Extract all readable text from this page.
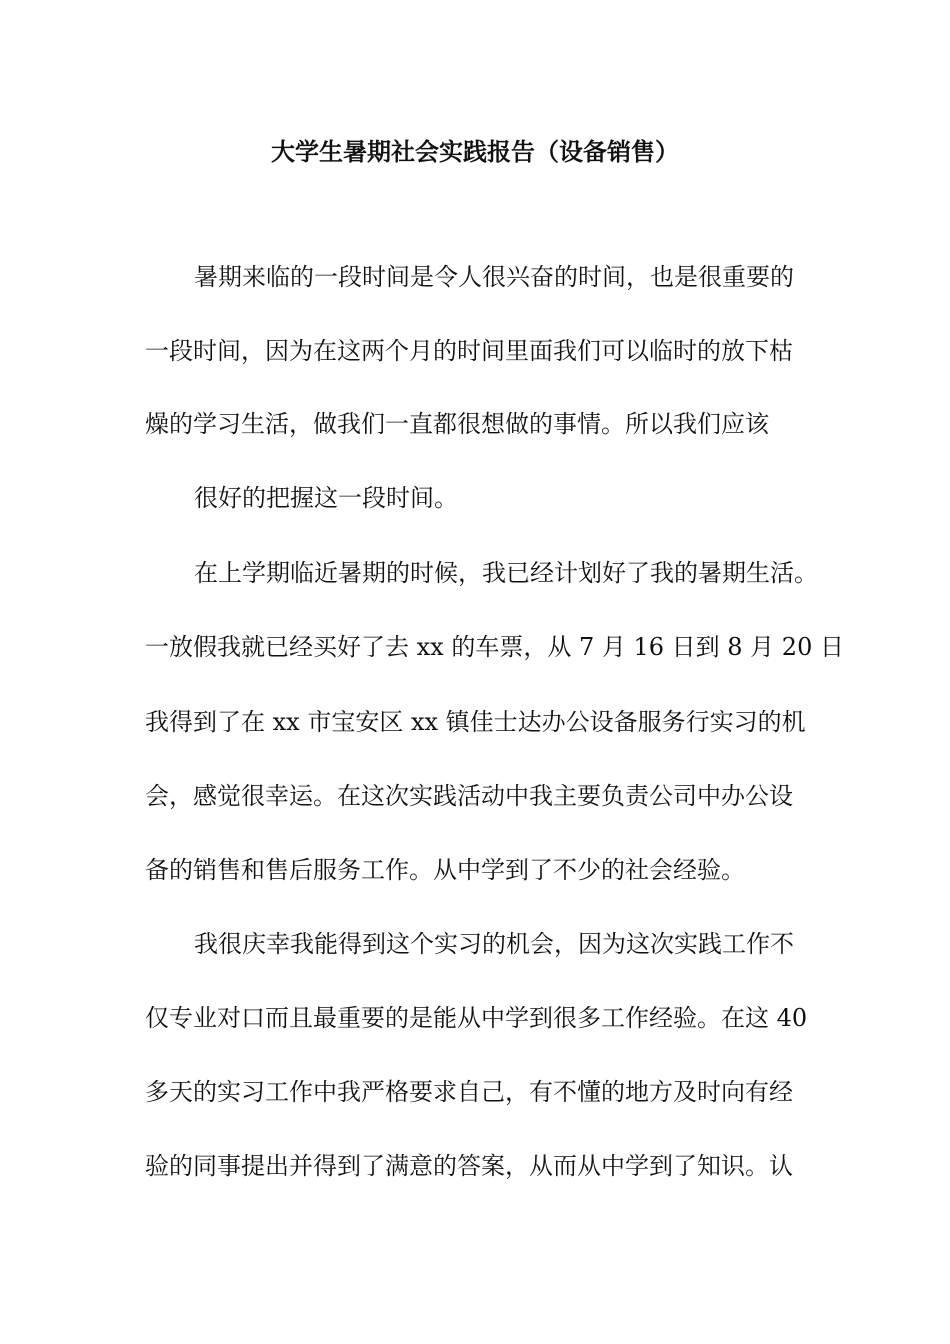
大学生暑期社会实践报告（设备销售）
暑期来临的一段时间是令人很兴奋的时间，也是很重要的
一段时间，因为在这两个月的时间里面我们可以临时的放下枯
燥的学习生活，做我们一直都很想做的事情。所以我们应该
很好的把握这一段时间。
在上学期临近暑期的时候，我已经计划好了我的暑期生活。
一放假我就已经买好了去 xx 的车票，从 7 月 16 日到 8 月 20 日
我得到了在 xx 市宝安区 xx 镇佳士达办公设备服务行实习的机
会，感觉很幸运。在这次实践活动中我主要负责公司中办公设
备的销售和售后服务工作。从中学到了不少的社会经验。
我很庆幸我能得到这个实习的机会，因为这次实践工作不
仅专业对口而且最重要的是能从中学到很多工作经验。在这 40
多天的实习工作中我严格要求自己，有不懂的地方及时向有经
验的同事提出并得到了满意的答案，从而从中学到了知识。认
